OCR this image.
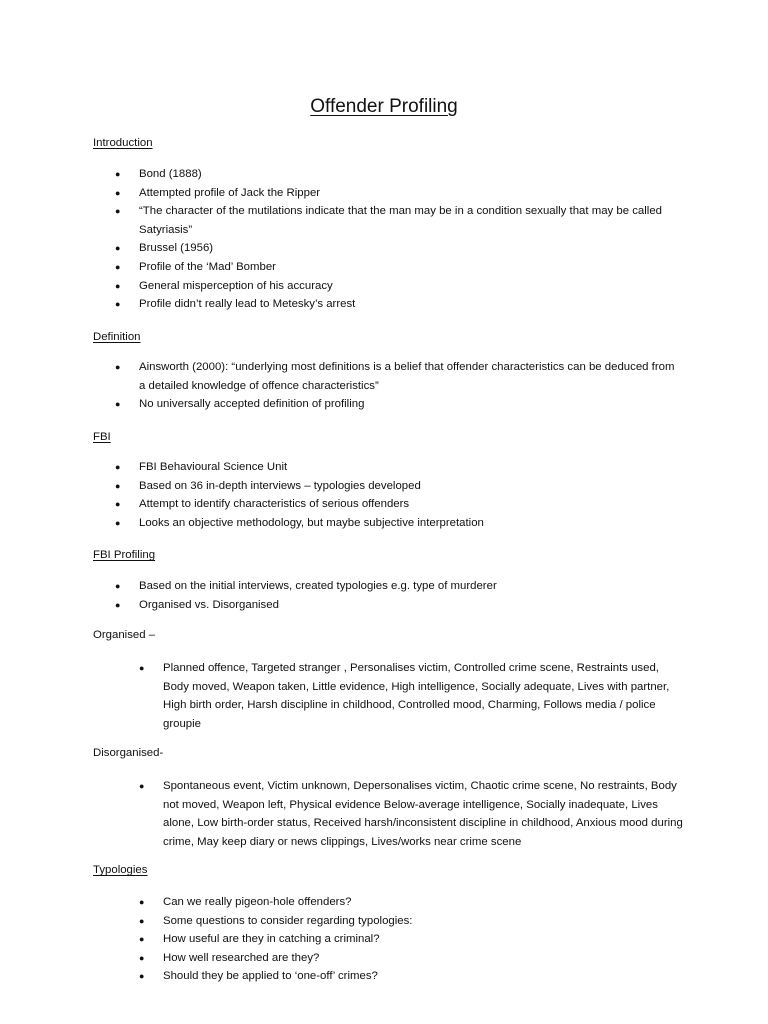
Offender Profiling
Introduction
● Bond (1888)
● Attempted profile of Jack the Ripper
● “The character of the mutilations indicate that the man may be in a condition sexually that may be called Satyriasis”
● Brussel (1956)
● Profile of the ‘Mad’ Bomber
● General misperception of his accuracy
● Profile didn’t really lead to Metesky’s arrest
Definition
● Ainsworth (2000): “underlying most definitions is a belief that offender characteristics can be deduced from a detailed knowledge of offence characteristics”
● No universally accepted definition of profiling
FBI
● FBI Behavioural Science Unit
● Based on 36 in-depth interviews – typologies developed
● Attempt to identify characteristics of serious offenders
● Looks an objective methodology, but maybe subjective interpretation
FBI Profiling
● Based on the initial interviews, created typologies e.g. type of murderer
● Organised vs. Disorganised
Organised –
● Planned offence, Targeted stranger , Personalises victim, Controlled crime scene, Restraints used, Body moved, Weapon taken, Little evidence, High intelligence, Socially adequate, Lives with partner, High birth order, Harsh discipline in childhood, Controlled mood, Charming, Follows media / police groupie
Disorganised-
● Spontaneous event, Victim unknown, Depersonalises victim, Chaotic crime scene, No restraints, Body not moved, Weapon left, Physical evidence Below-average intelligence, Socially inadequate, Lives alone, Low birth-order status, Received harsh/inconsistent discipline in childhood, Anxious mood during crime, May keep diary or news clippings, Lives/works near crime scene
Typologies
● Can we really pigeon-hole offenders?
● Some questions to consider regarding typologies:
● How useful are they in catching a criminal?
● How well researched are they?
● Should they be applied to ‘one-off’ crimes?
